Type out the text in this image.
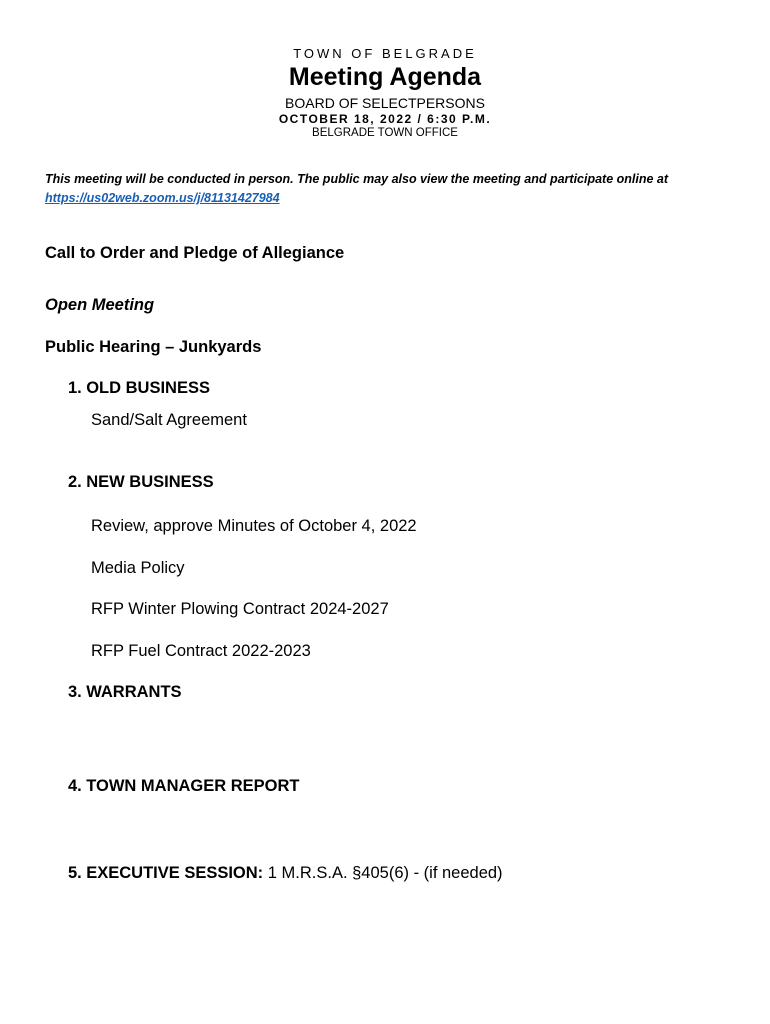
TOWN OF BELGRADE
Meeting Agenda
BOARD OF SELECTPERSONS
OCTOBER 18, 2022 / 6:30 P.M.
BELGRADE TOWN OFFICE
This meeting will be conducted in person. The public may also view the meeting and participate online at https://us02web.zoom.us/j/81131427984
Call to Order and Pledge of Allegiance
Open Meeting
Public Hearing – Junkyards
1. OLD BUSINESS
Sand/Salt Agreement
2. NEW BUSINESS
Review, approve Minutes of October 4, 2022
Media Policy
RFP Winter Plowing Contract 2024-2027
RFP Fuel Contract 2022-2023
3. WARRANTS
4. TOWN MANAGER REPORT
5. EXECUTIVE SESSION: 1 M.R.S.A. §405(6) - (if needed)
